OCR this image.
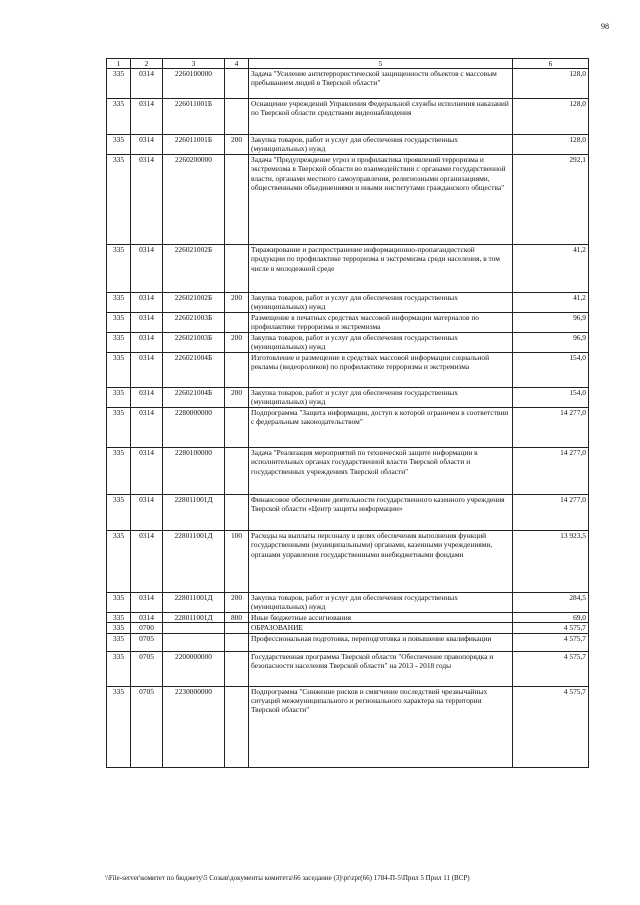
98
1	2	3	4	5	6
335	0314	2260100000		Задача "Усиление антитеррористической защищенности объектов с массовым пребыванием людей в Тверской области"	128,0
335	0314	226011001Б		Оснащение учреждений Управления Федеральной службы исполнения наказаний по Тверской области средствами видеонаблюдения	128,0
335	0314	226011001Б	200	Закупка товаров, работ и услуг для обеспечения государственных (муниципальных) нужд	128,0
335	0314	2260200000		Задача "Предупреждение угроз и профилактика проявлений терроризма и экстремизма в Тверской области во взаимодействии с органами государственной власти, органами местного самоуправления, религиозными организациями, общественными объединениями и иными институтами гражданского общества"	292,1
335	0314	226021002Б		Тиражирование и распространение информационно-пропагандистской продукции по профилактике терроризма и экстремизма среди населения, в том числе в молодежной среде	41,2
335	0314	226021002Б	200	Закупка товаров, работ и услуг для обеспечения государственных (муниципальных) нужд	41,2
335	0314	226021003Б		Размещение в печатных средствах массовой информации материалов по профилактике терроризма и экстремизма	96,9
335	0314	226021003Б	200	Закупка товаров, работ и услуг для обеспечения государственных (муниципальных) нужд	96,9
335	0314	226021004Б		Изготовление и размещение в средствах массовой информации социальной рекламы (видеороликов) по профилактике терроризма и экстремизма	154,0
335	0314	226021004Б	200	Закупка товаров, работ и услуг для обеспечения государственных (муниципальных) нужд	154,0
335	0314	2280000000		Подпрограмма "Защита информации, доступ к которой ограничен в соответствии с федеральным законодательством"	14 277,0
335	0314	2280100000		Задача "Реализация мероприятий по технической защите информации в исполнительных органах государственной власти Тверской области и государственных учреждениях Тверской области"	14 277,0
335	0314	228011001Д		Финансовое обеспечение деятельности государственного казенного учреждения Тверской области «Центр защиты информации»	14 277,0
335	0314	228011001Д	100	Расходы на выплаты персоналу в целях обеспечения выполнения функций государственными (муниципальными) органами, казенными учреждениями, органами управления государственными внебюджетными фондами	13 923,5
335	0314	228011001Д	200	Закупка товаров, работ и услуг для обеспечения государственных (муниципальных) нужд	284,5
335	0314	228011001Д	800	Иные бюджетные ассигнования	69,0
335	0700			ОБРАЗОВАНИЕ	4 575,7
335	0705			Профессиональная подготовка, переподготовка и повышение квалификации	4 575,7
335	0705	2200000000		Государственная программа Тверской области "Обеспечение правопорядка и безопасности населения Тверской области" на 2013 - 2018 годы	4 575,7
335	0705	2230000000		Подпрограмма "Снижение рисков и смягчение последствий чрезвычайных ситуаций межмуниципального и регионального характера на территории Тверской области"	4 575,7
\\File-server\комитет по бюджету\5 Созыв\документы комитета\66 заседание (3)\pr\zpr(66) 1784-П-5\Прил 5 Прил 11 (ВСР)
